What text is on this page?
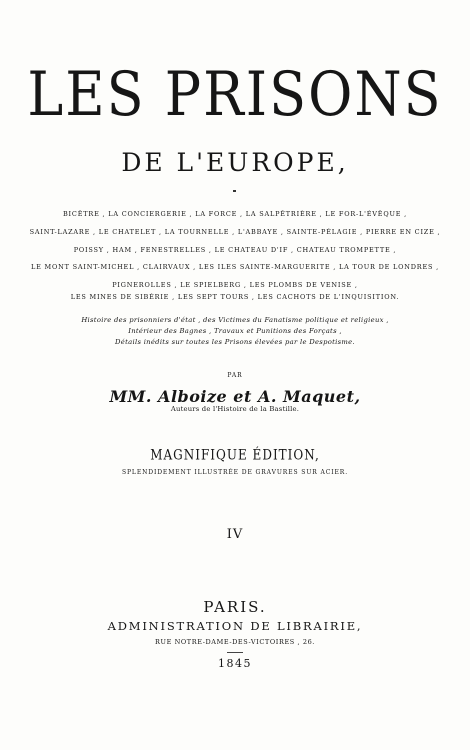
LES PRISONS
DE L'EUROPE,
BICÊTRE , LA CONCIERGERIE , LA FORCE , LA SALPÊTRIÈRE , LE FOR-L'ÉVÊQUE ,
SAINT-LAZARE , LE CHATELET , LA TOURNELLE , L'ABBAYE , SAINTE-PÉLAGIE , PIERRE EN CIZE ,
POISSY , HAM , FENESTRELLES , LE CHATEAU D'IF , CHATEAU TROMPETTE ,
LE MONT SAINT-MICHEL , CLAIRVAUX , LES ILES SAINTE-MARGUERITE , LA TOUR DE LONDRES ,
PIGNEROLLES , LE SPIELBERG , LES PLOMBS DE VENISE ,
LES MINES DE SIBÉRIE , LES SEPT TOURS , LES CACHOTS DE L'INQUISITION.
Histoire des prisonniers d'état , des Victimes du Fanatisme politique et religieux ,
Intérieur des Bagnes , Travaux et Punitions des Forçats ,
Détails inédits sur toutes les Prisons élevées par le Despotisme.
PAR
MM. Alboize et A. Maquet,
Auteurs de l'Histoire de la Bastille.
MAGNIFIQUE ÉDITION,
SPLENDIDEMENT ILLUSTRÉE DE GRAVURES SUR ACIER.
IV
PARIS.
ADMINISTRATION DE LIBRAIRIE,
RUE NOTRE-DAME-DES-VICTOIRES , 26.
1845
